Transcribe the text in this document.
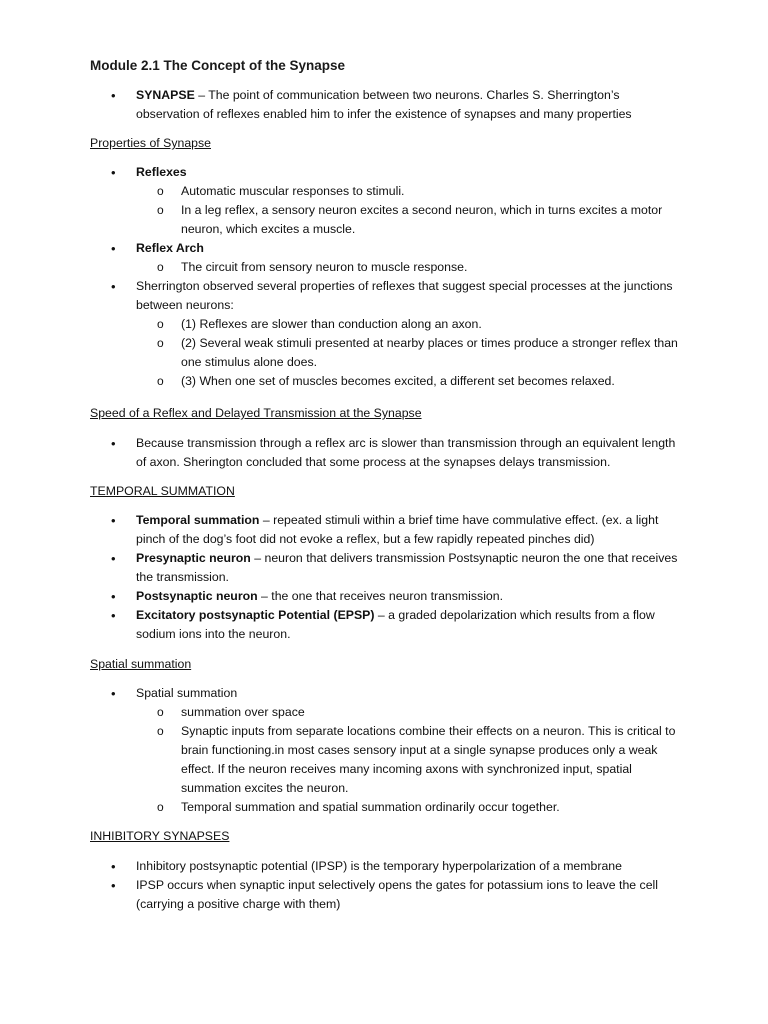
Module 2.1 The Concept of the Synapse
• SYNAPSE – The point of communication between two neurons. Charles S. Sherrington’s observation of reflexes enabled him to infer the existence of synapses and many properties
Properties of Synapse
• Reflexes
o Automatic muscular responses to stimuli.
o In a leg reflex, a sensory neuron excites a second neuron, which in turns excites a motor neuron, which excites a muscle.
• Reflex Arch
o The circuit from sensory neuron to muscle response.
• Sherrington observed several properties of reflexes that suggest special processes at the junctions between neurons:
o (1) Reflexes are slower than conduction along an axon.
o (2) Several weak stimuli presented at nearby places or times produce a stronger reflex than one stimulus alone does.
o (3) When one set of muscles becomes excited, a different set becomes relaxed.
Speed of a Reflex and Delayed Transmission at the Synapse
• Because transmission through a reflex arc is slower than transmission through an equivalent length of axon. Sherington concluded that some process at the synapses delays transmission.
TEMPORAL SUMMATION
• Temporal summation – repeated stimuli within a brief time have commulative effect. (ex. a light pinch of the dog’s foot did not evoke a reflex, but a few rapidly repeated pinches did)
• Presynaptic neuron – neuron that delivers transmission Postsynaptic neuron the one that receives the transmission.
• Postsynaptic neuron – the one that receives neuron transmission.
• Excitatory postsynaptic Potential (EPSP) – a graded depolarization which results from a flow sodium ions into the neuron.
Spatial summation
• Spatial summation
o summation over space
o Synaptic inputs from separate locations combine their effects on a neuron. This is critical to brain functioning.in most cases sensory input at a single synapse produces only a weak effect. If the neuron receives many incoming axons with synchronized input, spatial summation excites the neuron.
o Temporal summation and spatial summation ordinarily occur together.
INHIBITORY SYNAPSES
• Inhibitory postsynaptic potential (IPSP) is the temporary hyperpolarization of a membrane
• IPSP occurs when synaptic input selectively opens the gates for potassium ions to leave the cell (carrying a positive charge with them)
